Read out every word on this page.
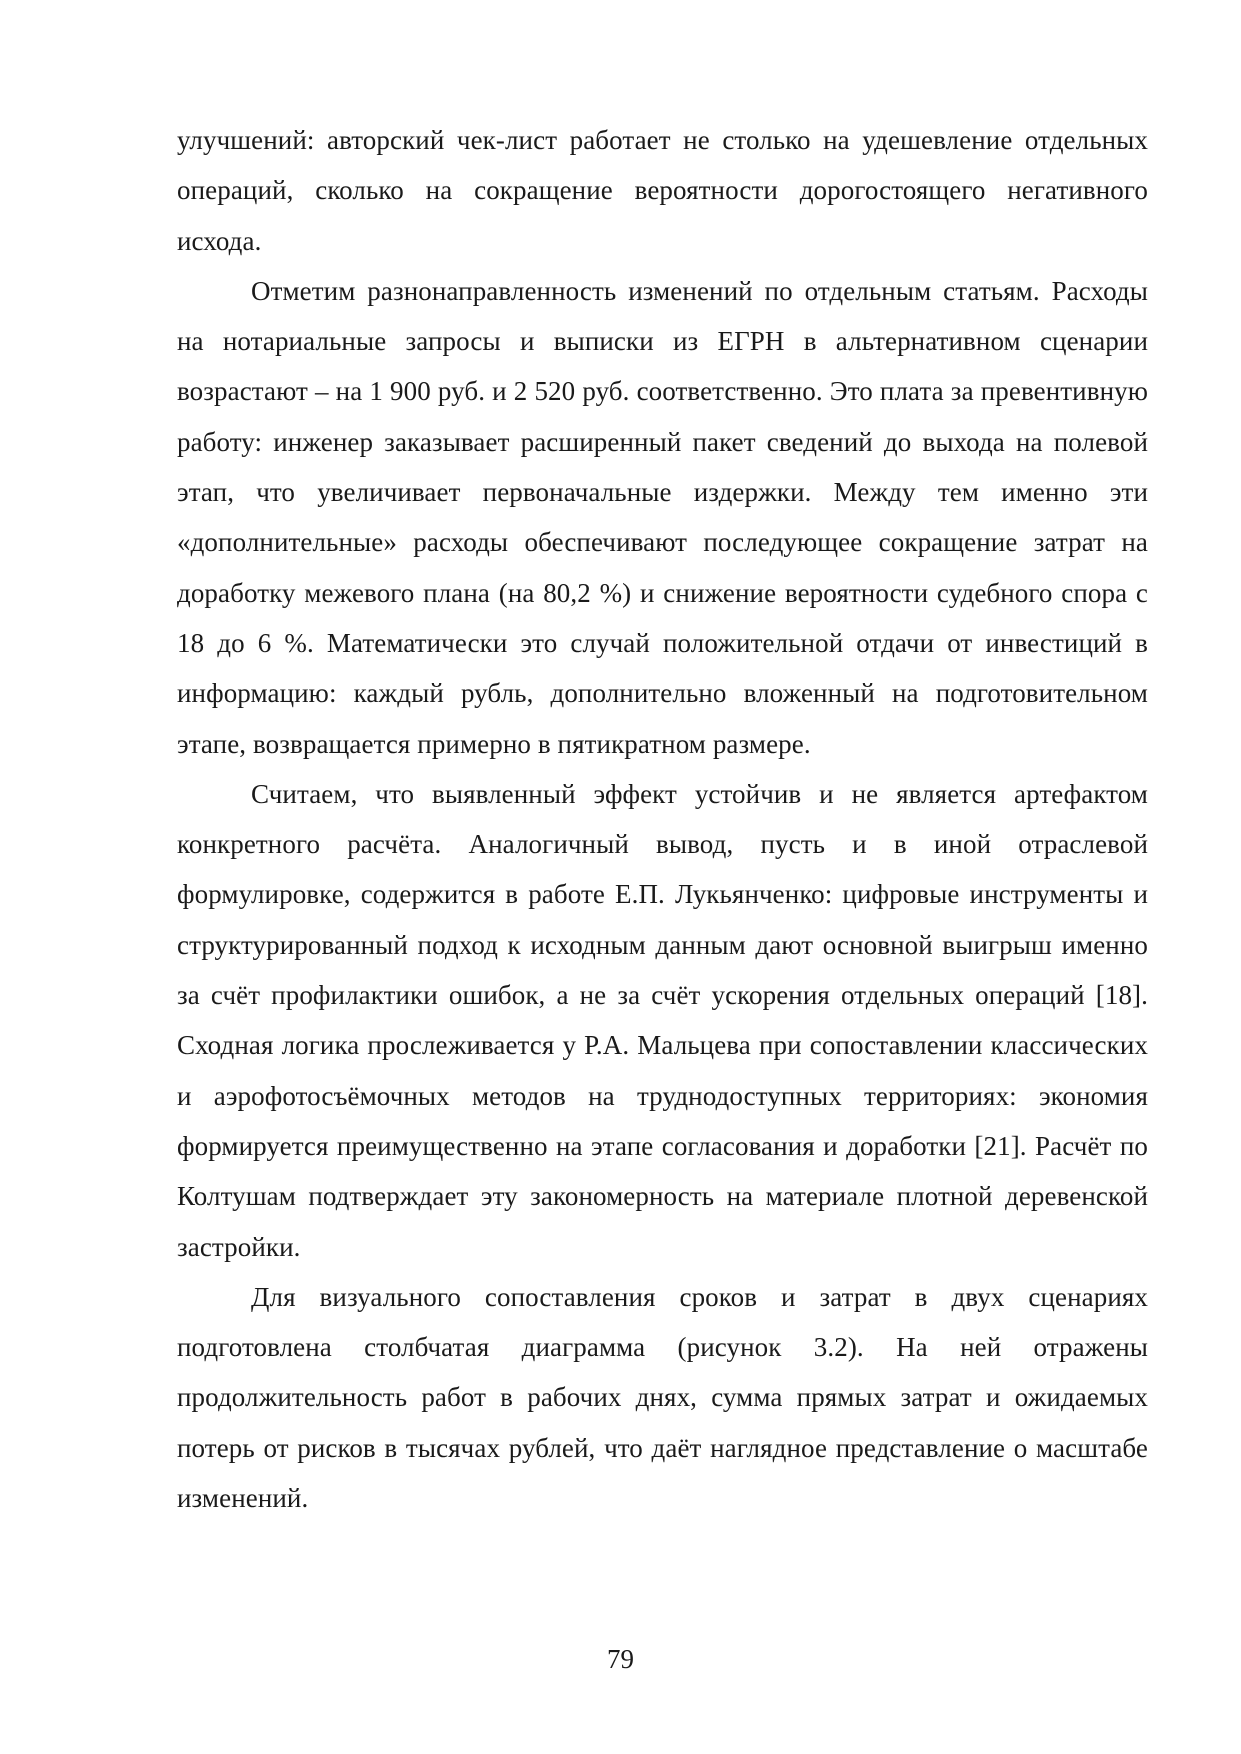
улучшений: авторский чек-лист работает не столько на удешевление отдельных операций, сколько на сокращение вероятности дорогостоящего негативного исхода.

Отметим разнонаправленность изменений по отдельным статьям. Расходы на нотариальные запросы и выписки из ЕГРН в альтернативном сценарии возрастают – на 1 900 руб. и 2 520 руб. соответственно. Это плата за превентивную работу: инженер заказывает расширенный пакет сведений до выхода на полевой этап, что увеличивает первоначальные издержки. Между тем именно эти «дополнительные» расходы обеспечивают последующее сокращение затрат на доработку межевого плана (на 80,2 %) и снижение вероятности судебного спора с 18 до 6 %. Математически это случай положительной отдачи от инвестиций в информацию: каждый рубль, дополнительно вложенный на подготовительном этапе, возвращается примерно в пятикратном размере.

Считаем, что выявленный эффект устойчив и не является артефактом конкретного расчёта. Аналогичный вывод, пусть и в иной отраслевой формулировке, содержится в работе Е.П. Лукьянченко: цифровые инструменты и структурированный подход к исходным данным дают основной выигрыш именно за счёт профилактики ошибок, а не за счёт ускорения отдельных операций [18]. Сходная логика прослеживается у Р.А. Мальцева при сопоставлении классических и аэрофотосъёмочных методов на труднодоступных территориях: экономия формируется преимущественно на этапе согласования и доработки [21]. Расчёт по Колтушам подтверждает эту закономерность на материале плотной деревенской застройки.

Для визуального сопоставления сроков и затрат в двух сценариях подготовлена столбчатая диаграмма (рисунок 3.2). На ней отражены продолжительность работ в рабочих днях, сумма прямых затрат и ожидаемых потерь от рисков в тысячах рублей, что даёт наглядное представление о масштабе изменений.

79
